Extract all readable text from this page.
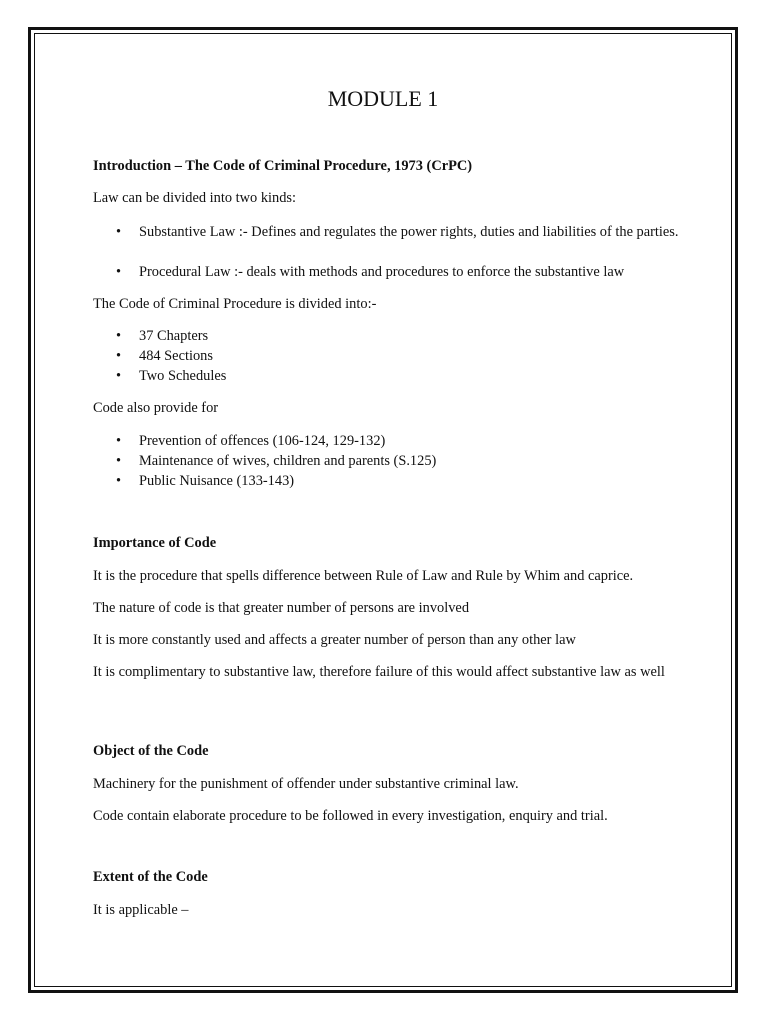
MODULE 1
Introduction – The Code of Criminal Procedure, 1973 (CrPC)
Law can be divided into two kinds:
• Substantive Law :- Defines and regulates the power rights, duties and liabilities of the parties.
• Procedural Law :- deals with methods and procedures to enforce the substantive law
The Code of Criminal Procedure is divided into:-
• 37 Chapters
• 484 Sections
• Two Schedules
Code also provide for
• Prevention of offences (106-124, 129-132)
• Maintenance of wives, children and parents (S.125)
• Public Nuisance (133-143)
Importance of Code
It is the procedure that spells difference between Rule of Law and Rule by Whim and caprice.
The nature of code is that greater number of persons are involved
It is more constantly used and affects a greater number of person than any other law
It is complimentary to substantive law, therefore failure of this would affect substantive law as well
Object of the Code
Machinery for the punishment of offender under substantive criminal law.
Code contain elaborate procedure to be followed in every investigation, enquiry and trial.
Extent of the Code
It is applicable –
